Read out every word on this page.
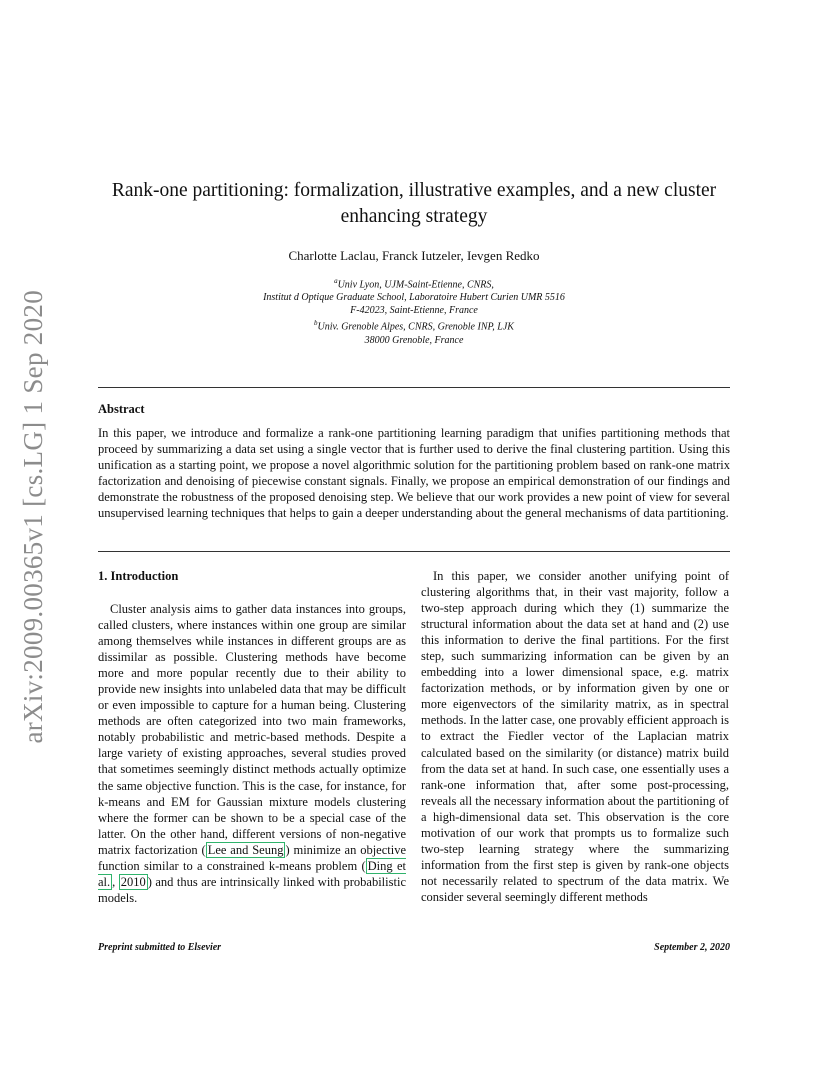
arXiv:2009.00365v1 [cs.LG] 1 Sep 2020
Rank-one partitioning: formalization, illustrative examples, and a new cluster enhancing strategy
Charlotte Laclau, Franck Iutzeler, Ievgen Redko
$^a$Univ Lyon, UJM-Saint-Etienne, CNRS,
Institut d Optique Graduate School, Laboratoire Hubert Curien UMR 5516
F-42023, Saint-Etienne, France
$^b$Univ. Grenoble Alpes, CNRS, Grenoble INP, LJK
38000 Grenoble, France
Abstract
In this paper, we introduce and formalize a rank-one partitioning learning paradigm that unifies partitioning methods that proceed by summarizing a data set using a single vector that is further used to derive the final clustering partition. Using this unification as a starting point, we propose a novel algorithmic solution for the partitioning problem based on rank-one matrix factorization and denoising of piecewise constant signals. Finally, we propose an empirical demonstration of our findings and demonstrate the robustness of the proposed denoising step. We believe that our work provides a new point of view for several unsupervised learning techniques that helps to gain a deeper understanding about the general mechanisms of data partitioning.

1. Introduction

Cluster analysis aims to gather data instances into groups, called clusters, where instances within one group are similar among themselves while instances in different groups are as dissimilar as possible. Clustering methods have become more and more popular recently due to their ability to provide new insights into unlabeled data that may be difficult or even impossible to capture for a human being. Clustering methods are often categorized into two main frameworks, notably probabilistic and metric-based methods. Despite a large variety of existing approaches, several studies proved that sometimes seemingly distinct methods actually optimize the same objective function. This is the case, for instance, for k-means and EM for Gaussian mixture models clustering where the former can be shown to be a special case of the latter. On the other hand, different versions of non-negative matrix factorization ( Lee and Seung ) minimize an objective function similar to a constrained k-means problem ( Ding et al. , 2010 ) and thus are intrinsically linked with probabilistic models.

In this paper, we consider another unifying point of clustering algorithms that, in their vast majority, follow a two-step approach during which they (1) summarize the structural information about the data set at hand and (2) use this information to derive the final partitions. For the first step, such summarizing information can be given by an embedding into a lower dimensional space, e.g. matrix factorization methods, or by information given by one or more eigenvectors of the similarity matrix, as in spectral methods. In the latter case, one provably efficient approach is to extract the Fiedler vector of the Laplacian matrix calculated based on the similarity (or distance) matrix build from the data set at hand. In such case, one essentially uses a rank-one information that, after some post-processing, reveals all the necessary information about the partitioning of a high-dimensional data set. This observation is the core motivation of our work that prompts us to formalize such two-step learning strategy where the summarizing information from the first step is given by rank-one objects not necessarily related to spectrum of the data matrix. We consider several seemingly different methods

Preprint submitted to Elsevier	September 2, 2020
